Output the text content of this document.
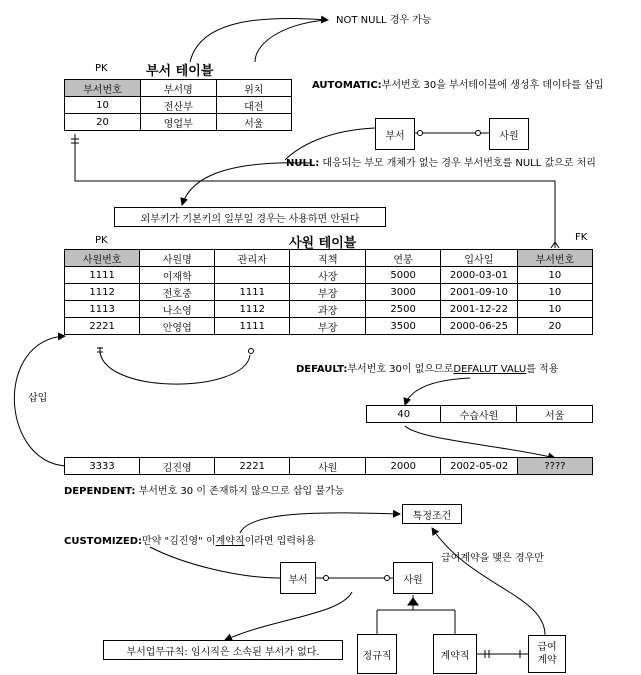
NOT NULL 경우 가능
PK	부서 테이블
부서번호	부서명	위치
10	전산부	대전
20	영업부	서울
AUTOMATIC:부서번호 30을 부서테이블에 생성후 데이타를 삽입
부서	사원
NULL: 대응되는 부모 개체가 없는 경우 부서번호를 NULL 값으로 처리
외부키가 기본키의 일부일 경우는 사용하면 안된다
PK	사원 테이블	FK
사원번호	사원명	관리자	직책	연봉	입사일	부서번호
1111	이재학		사장	5000	2000-03-01	10
1112	전호중	1111	부장	3000	2001-09-10	10
1113	나소영	1112	과장	2500	2001-12-22	10
2221	안영엽	1111	부장	3500	2000-06-25	20
DEFAULT:부서번호 30이 없으므로DEFALUT VALU를 적용
삽입
40	수습사원	서울
3333	김진영	2221	사원	2000	2002-05-02	????
DEPENDENT: 부서번호 30 이 존재하지 않으므로 삽입 불가능
특정조건
CUSTOMIZED:만약 "김진영" 이계약직이라면 입력허용
급여계약을 맺은 경우만
부서	사원
정규직	계약직
급여
계약
부서업무규칙: 임시직은 소속된 부서가 없다.
